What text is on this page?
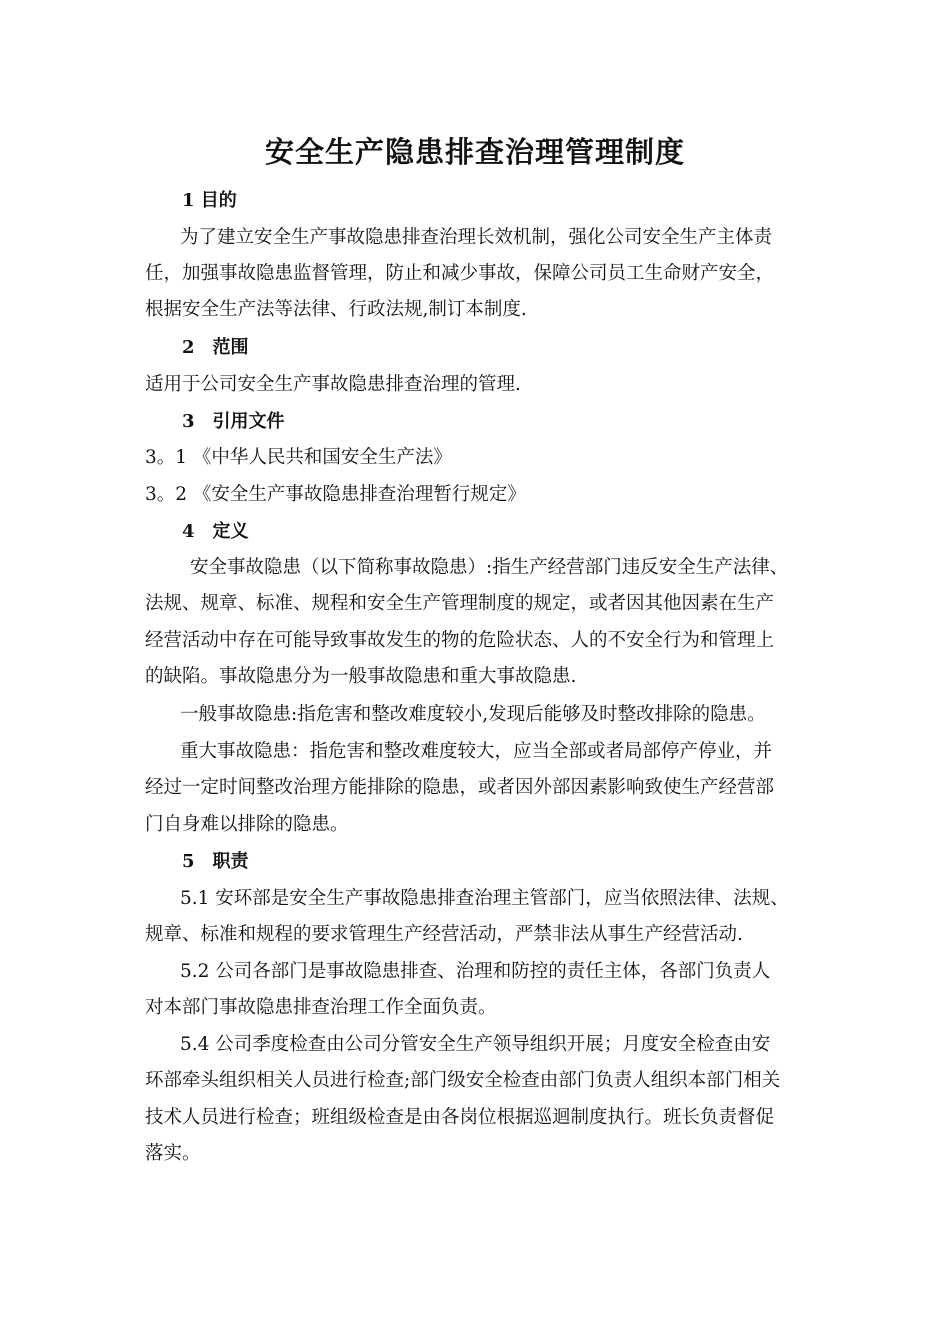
安全生产隐患排查治理管理制度

1 目的

为了建立安全生产事故隐患排查治理长效机制，强化公司安全生产主体责

任，加强事故隐患监督管理，防止和减少事故，保障公司员工生命财产安全，

根据安全生产法等法律、行政法规,制订本制度.

2　范围

适用于公司安全生产事故隐患排查治理的管理.

3　引用文件

3。1 《中华人民共和国安全生产法》

3。2 《安全生产事故隐患排查治理暂行规定》

4　定义

安全事故隐患（以下简称事故隐患）:指生产经营部门违反安全生产法律、

法规、规章、标准、规程和安全生产管理制度的规定，或者因其他因素在生产

经营活动中存在可能导致事故发生的物的危险状态、人的不安全行为和管理上

的缺陷。事故隐患分为一般事故隐患和重大事故隐患.

一般事故隐患:指危害和整改难度较小,发现后能够及时整改排除的隐患。

重大事故隐患：指危害和整改难度较大，应当全部或者局部停产停业，并

经过一定时间整改治理方能排除的隐患，或者因外部因素影响致使生产经营部

门自身难以排除的隐患。

5　职责

5.1 安环部是安全生产事故隐患排查治理主管部门，应当依照法律、法规、

规章、标准和规程的要求管理生产经营活动，严禁非法从事生产经营活动.

5.2 公司各部门是事故隐患排查、治理和防控的责任主体，各部门负责人

对本部门事故隐患排查治理工作全面负责。

5.4 公司季度检查由公司分管安全生产领导组织开展；月度安全检查由安

环部牵头组织相关人员进行检查;部门级安全检查由部门负责人组织本部门相关

技术人员进行检查；班组级检查是由各岗位根据巡迴制度执行。班长负责督促

落实。
